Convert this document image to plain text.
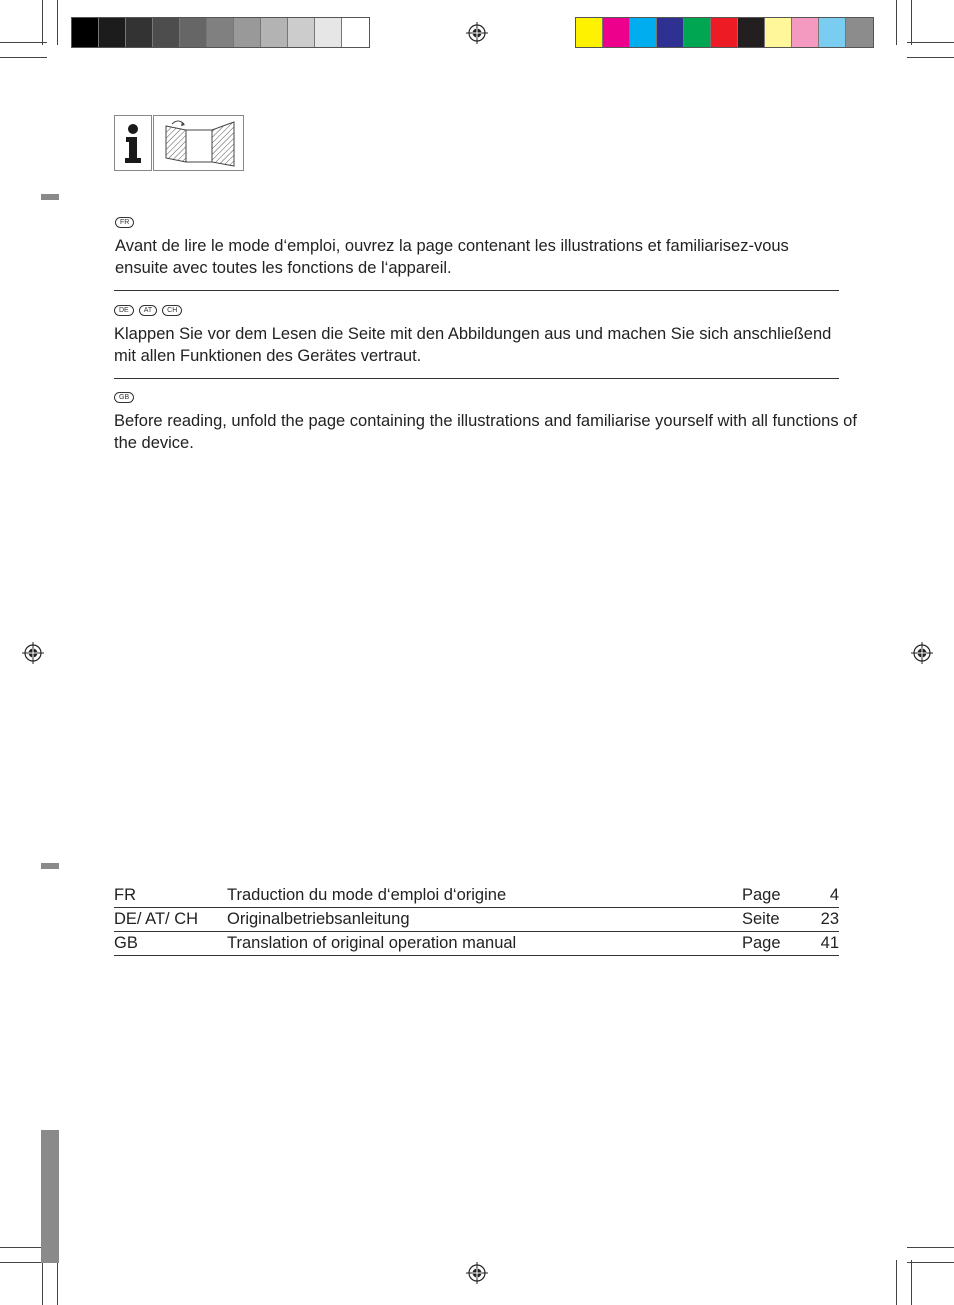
FR

Avant de lire le mode d‘emploi, ouvrez la page contenant les illustrations et familiarisez-vous ensuite avec toutes les fonctions de l‘appareil.

DE	AT	CH

Klappen Sie vor dem Lesen die Seite mit den Abbildungen aus und machen Sie sich anschließend mit allen Funktionen des Gerätes vertraut.

GB

Before reading, unfold the page containing the illustrations and familiarise yourself with all functions of the device.

FR	Traduction du mode d‘emploi d‘origine	Page	4
DE/ AT/ CH	Originalbetriebsanleitung	Seite	23
GB	Translation of original operation manual	Page	41
